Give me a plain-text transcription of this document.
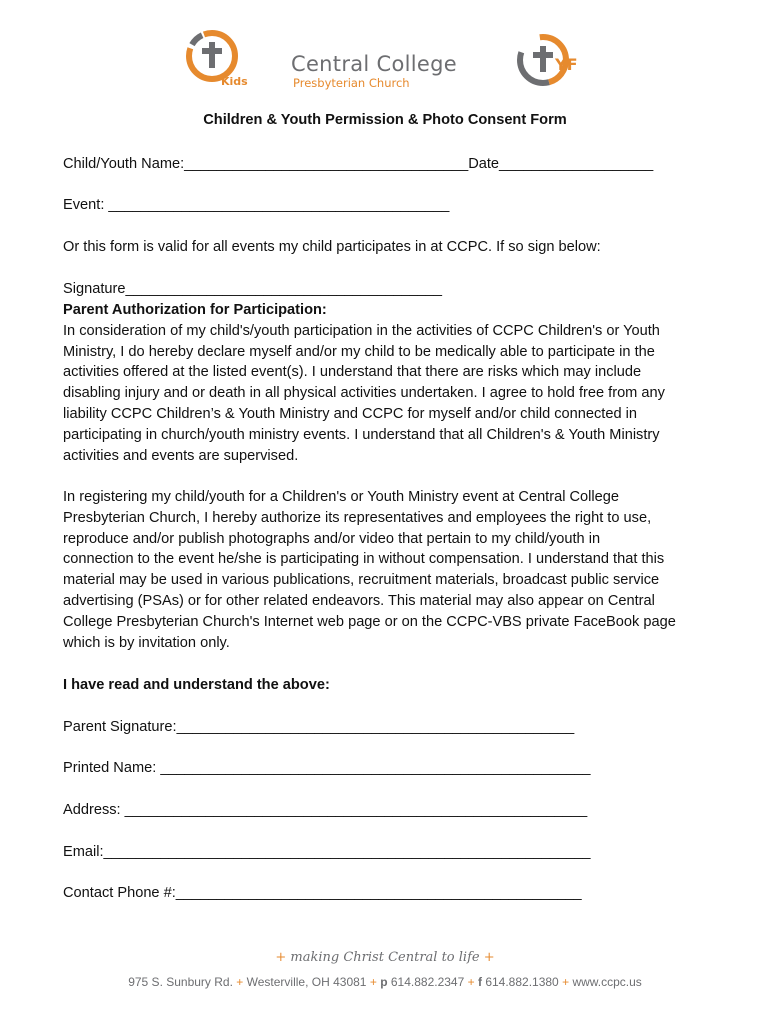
Kids
Central College
Presbyterian Church
YF
Children & Youth Permission & Photo Consent Form
Child/Youth Name:___________________________________Date___________________
Event: __________________________________________
Or this form is valid for all events my child participates in at CCPC. If so sign below:
Signature_______________________________________
Parent Authorization for Participation:
In consideration of my child's/youth participation in the activities of CCPC Children's or Youth
Ministry, I do hereby declare myself and/or my child to be medically able to participate in the
activities offered at the listed event(s). I understand that there are risks which may include
disabling injury and or death in all physical activities undertaken. I agree to hold free from any
liability CCPC Children’s & Youth Ministry and CCPC for myself and/or child connected in
participating in church/youth ministry events. I understand that all Children's & Youth Ministry
activities and events are supervised.
In registering my child/youth for a Children's or Youth Ministry event at Central College
Presbyterian Church, I hereby authorize its representatives and employees the right to use,
reproduce and/or publish photographs and/or video that pertain to my child/youth in
connection to the event he/she is participating in without compensation. I understand that this
material may be used in various publications, recruitment materials, broadcast public service
advertising (PSAs) or for other related endeavors. This material may also appear on Central
College Presbyterian Church's Internet web page or on the CCPC-VBS private FaceBook page
which is by invitation only.
I have read and understand the above:
Parent Signature:_________________________________________________
Printed Name: _____________________________________________________
Address: _________________________________________________________
Email:____________________________________________________________
Contact Phone #:__________________________________________________
+ making Christ Central to life +
975 S. Sunbury Rd. + Westerville, OH 43081 + p 614.882.2347 + f 614.882.1380 + www.ccpc.us
